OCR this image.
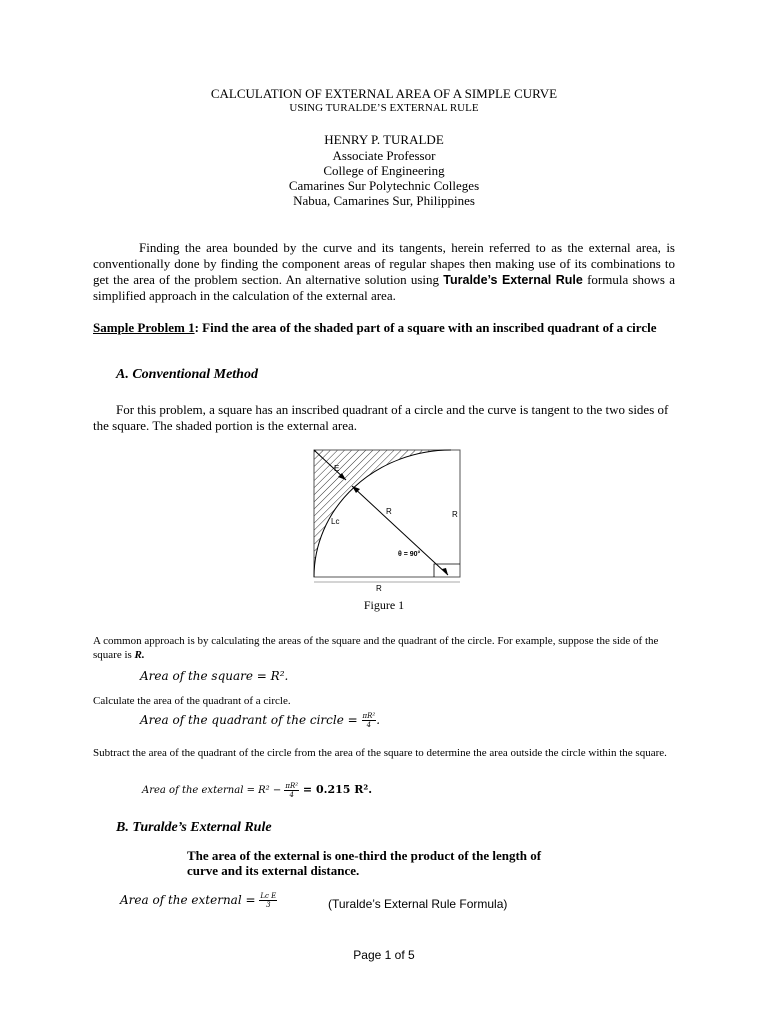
CALCULATION OF EXTERNAL AREA OF A SIMPLE CURVE
USING TURALDE’S EXTERNAL RULE
HENRY P. TURALDE
Associate Professor
College of Engineering
Camarines Sur Polytechnic Colleges
Nabua, Camarines Sur, Philippines
Finding the area bounded by the curve and its tangents, herein referred to as the external area, is conventionally done by finding the component areas of regular shapes then making use of its combinations to get the area of the problem section. An alternative solution using Turalde’s External Rule formula shows a simplified approach in the calculation of the external area.
Sample Problem 1: Find the area of the shaded part of a square with an inscribed quadrant of a circle
A. Conventional Method
For this problem, a square has an inscribed quadrant of a circle and the curve is tangent to the two sides of the square. The shaded portion is the external area.
E
R	R
R
Lc
θ = 90°
Figure 1
A common approach is by calculating the areas of the square and the quadrant of the circle. For example, suppose the side of the square is R.
Area of the square = R².
Calculate the area of the quadrant of a circle.
Area of the quadrant of the circle = $\frac{\text{πR²}}{4}$ .
Subtract the area of the quadrant of the circle from the area of the square to determine the area outside the circle within the square.
Area of the external = $R^2 - \frac{\text{πR²}}{4} = 0.215$ R².
B. Turalde’s External Rule
The area of the external is one-third the product of the length of
curve and its external distance.
Area of the external = $\frac{\text{Lc E}}{3}$	(Turalde’s External Rule Formula)
Page 1 of 5
